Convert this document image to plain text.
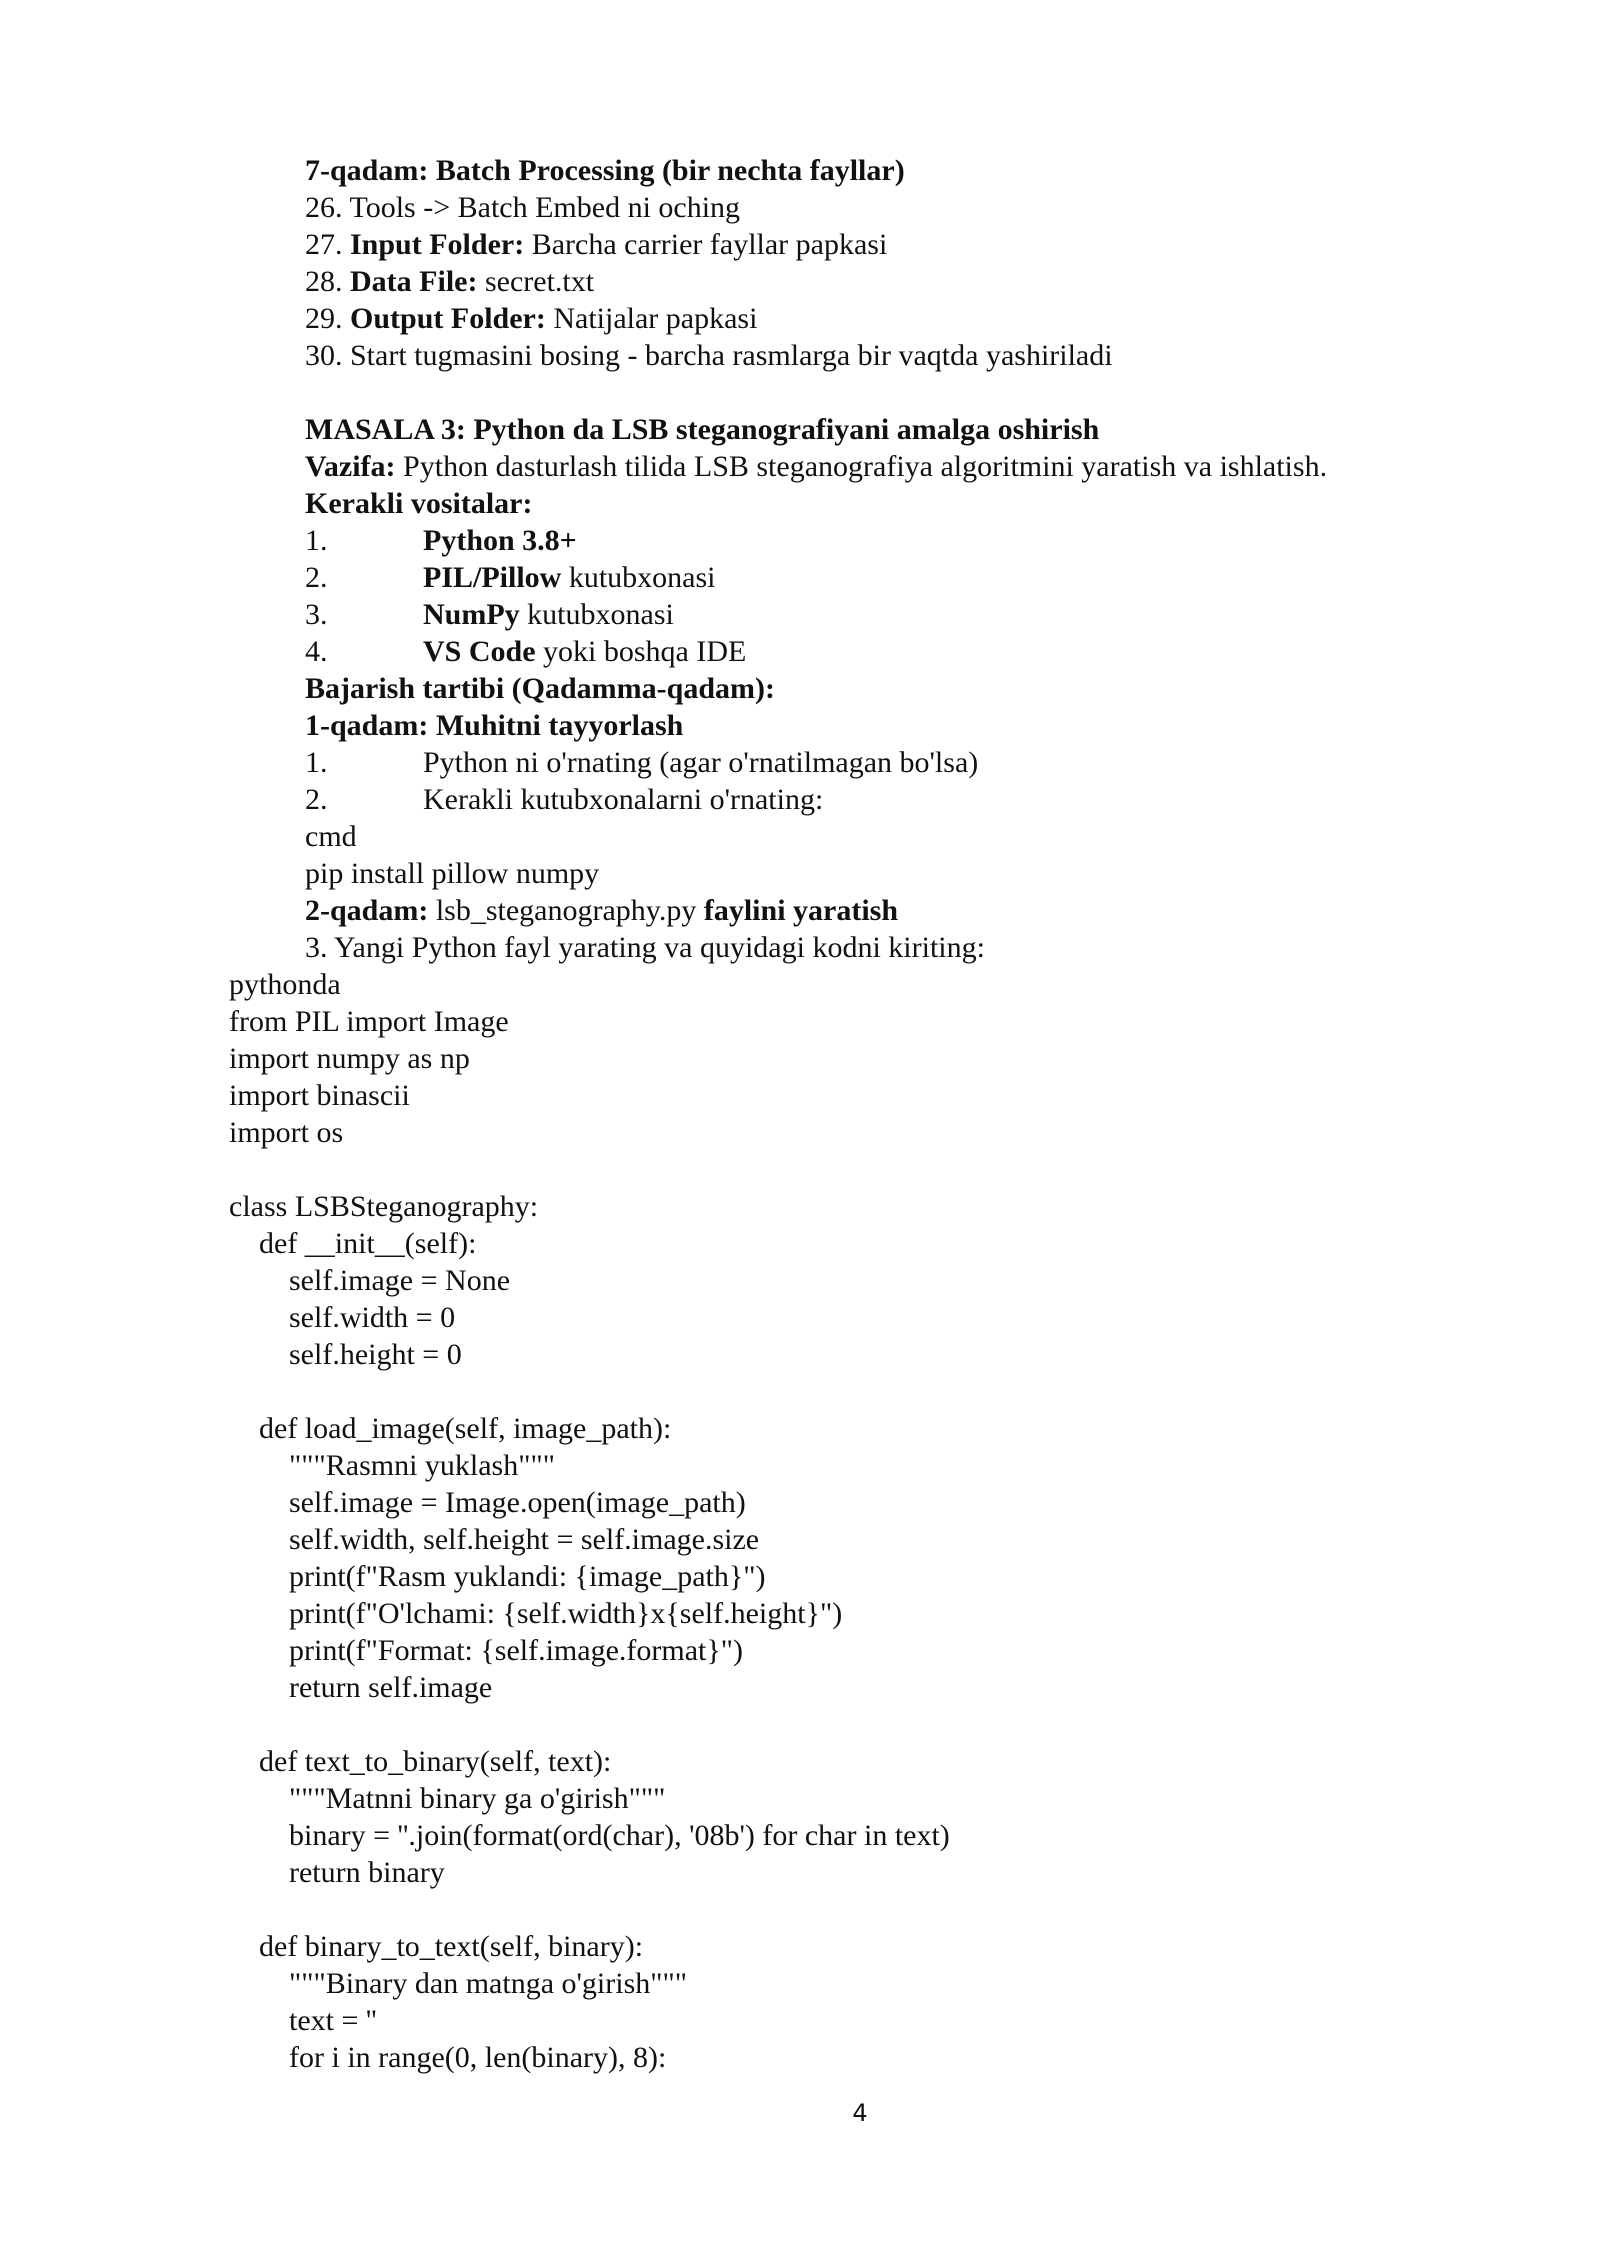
7-qadam: Batch Processing (bir nechta fayllar)
26. Tools -> Batch Embed ni oching
27. Input Folder: Barcha carrier fayllar papkasi
28. Data File: secret.txt
29. Output Folder: Natijalar papkasi
30. Start tugmasini bosing - barcha rasmlarga bir vaqtda yashiriladi
MASALA 3: Python da LSB steganografiyani amalga oshirish
Vazifa: Python dasturlash tilida LSB steganografiya algoritmini yaratish va ishlatish.
Kerakli vositalar:
1.	Python 3.8+
2.	PIL/Pillow kutubxonasi
3.	NumPy kutubxonasi
4.	VS Code yoki boshqa IDE
Bajarish tartibi (Qadamma-qadam):
1-qadam: Muhitni tayyorlash
1.	Python ni o'rnating (agar o'rnatilmagan bo'lsa)
2.	Kerakli kutubxonalarni o'rnating:
cmd
pip install pillow numpy
2-qadam: lsb_steganography.py faylini yaratish
3. Yangi Python fayl yarating va quyidagi kodni kiriting:
pythonda
from PIL import Image
import numpy as np
import binascii
import os
class LSBSteganography:
def __init__(self):
self.image = None
self.width = 0
self.height = 0
def load_image(self, image_path):
"""Rasmni yuklash"""
self.image = Image.open(image_path)
self.width, self.height = self.image.size
print(f"Rasm yuklandi: {image_path}")
print(f"O'lchami: {self.width}x{self.height}")
print(f"Format: {self.image.format}")
return self.image
def text_to_binary(self, text):
"""Matnni binary ga o'girish"""
binary = ''.join(format(ord(char), '08b') for char in text)
return binary
def binary_to_text(self, binary):
"""Binary dan matnga o'girish"""
text = ''
for i in range(0, len(binary), 8):
4
